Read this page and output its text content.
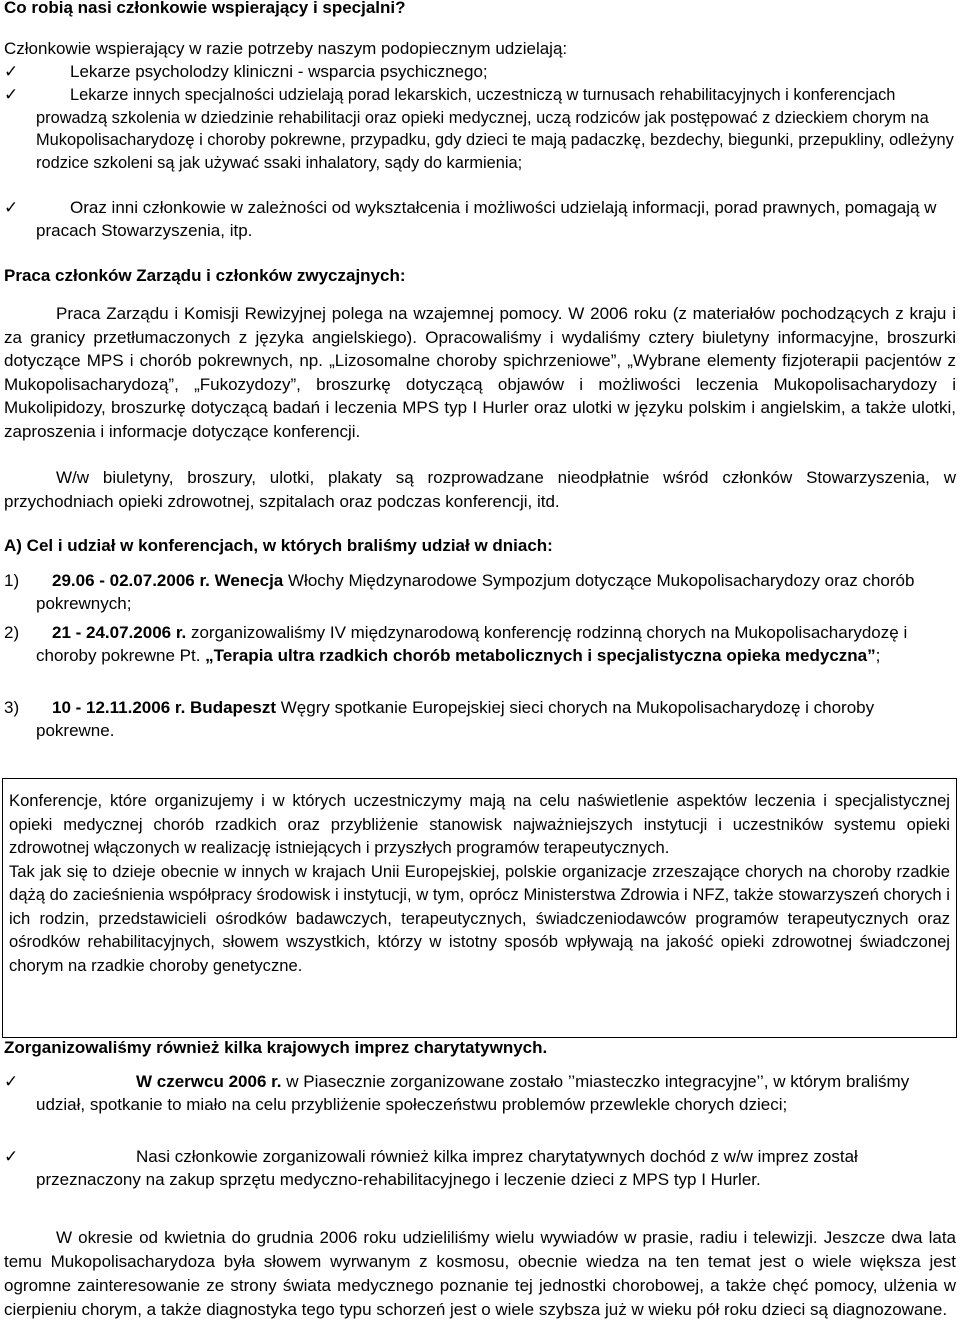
Co robią nasi członkowie wspierający i specjalni?
Członkowie wspierający w razie potrzeby naszym podopiecznym udzielają:
✓	Lekarze psycholodzy kliniczni - wsparcia psychicznego;
✓	Lekarze innych specjalności udzielają porad lekarskich, uczestniczą w turnusach rehabilitacyjnych i konferencjach prowadzą szkolenia w dziedzinie rehabilitacji oraz opieki medycznej, uczą rodziców jak postępować z dzieckiem chorym na Mukopolisacharydozę i choroby pokrewne, przypadku, gdy dzieci te mają padaczkę, bezdechy, biegunki, przepukliny, odleżyny rodzice szkoleni są jak używać ssaki inhalatory, sądy do karmienia;
✓	Oraz inni członkowie w zależności od wykształcenia i możliwości udzielają informacji, porad prawnych, pomagają w pracach Stowarzyszenia, itp.
Praca członków Zarządu i członków zwyczajnych:
Praca Zarządu i Komisji Rewizyjnej polega na wzajemnej pomocy. W 2006 roku (z materiałów pochodzących z kraju i za granicy przetłumaczonych z języka angielskiego). Opracowaliśmy i wydaliśmy cztery biuletyny informacyjne, broszurki dotyczące MPS i chorób pokrewnych, np. „Lizosomalne choroby spichrzeniowe”, „Wybrane elementy fizjoterapii pacjentów z Mukopolisacharydozą”, „Fukozydozy”, broszurkę dotyczącą objawów i możliwości leczenia Mukopolisacharydozy i Mukolipidozy, broszurkę dotyczącą badań i leczenia MPS typ I Hurler oraz ulotki w języku polskim i angielskim, a także ulotki, zaproszenia i informacje dotyczące konferencji.
W/w biuletyny, broszury, ulotki, plakaty są rozprowadzane nieodpłatnie wśród członków Stowarzyszenia, w przychodniach opieki zdrowotnej, szpitalach oraz podczas konferencji, itd.
A) Cel i udział w konferencjach, w których braliśmy udział w dniach:
1)	29.06 - 02.07.2006 r. Wenecja Włochy Międzynarodowe Sympozjum dotyczące Mukopolisacharydozy oraz chorób pokrewnych;
2)	21 - 24.07.2006 r. zorganizowaliśmy IV międzynarodową konferencję rodzinną chorych na Mukopolisacharydozę i choroby pokrewne Pt. „Terapia ultra rzadkich chorób metabolicznych i specjalistyczna opieka medyczna”;
3)	10 - 12.11.2006 r. Budapeszt Węgry spotkanie Europejskiej sieci chorych na Mukopolisacharydozę i choroby pokrewne.
Konferencje, które organizujemy i w których uczestniczymy mają na celu naświetlenie aspektów leczenia i specjalistycznej opieki medycznej chorób rzadkich oraz przybliżenie stanowisk najważniejszych instytucji i uczestników systemu opieki zdrowotnej włączonych w realizację istniejących i przyszłych programów terapeutycznych.
Tak jak się to dzieje obecnie w innych w krajach Unii Europejskiej, polskie organizacje zrzeszające chorych na choroby rzadkie dążą do zacieśnienia współpracy środowisk i instytucji, w tym, oprócz Ministerstwa Zdrowia i NFZ, także stowarzyszeń chorych i ich rodzin, przedstawicieli ośrodków badawczych, terapeutycznych, świadczeniodawców programów terapeutycznych oraz ośrodków rehabilitacyjnych, słowem wszystkich, którzy w istotny sposób wpływają na jakość opieki zdrowotnej świadczonej chorym na rzadkie choroby genetyczne.
Zorganizowaliśmy również kilka krajowych imprez charytatywnych.
✓	W czerwcu 2006 r. w Piasecznie zorganizowane zostało ’’miasteczko integracyjne’’, w którym braliśmy udział, spotkanie to miało na celu przybliżenie społeczeństwu problemów przewlekle chorych dzieci;
✓	Nasi członkowie zorganizowali również kilka imprez charytatywnych dochód z w/w imprez został przeznaczony na zakup sprzętu medyczno-rehabilitacyjnego i leczenie dzieci z MPS typ I Hurler.
W okresie od kwietnia do grudnia 2006 roku udzieliliśmy wielu wywiadów w prasie, radiu i telewizji. Jeszcze dwa lata temu Mukopolisacharydoza była słowem wyrwanym z kosmosu, obecnie wiedza na ten temat jest o wiele większa jest ogromne zainteresowanie ze strony świata medycznego poznanie tej jednostki chorobowej, a także chęć pomocy, ulżenia w cierpieniu chorym, a także diagnostyka tego typu schorzeń jest o wiele szybsza już w wieku pół roku dzieci są diagnozowane.
